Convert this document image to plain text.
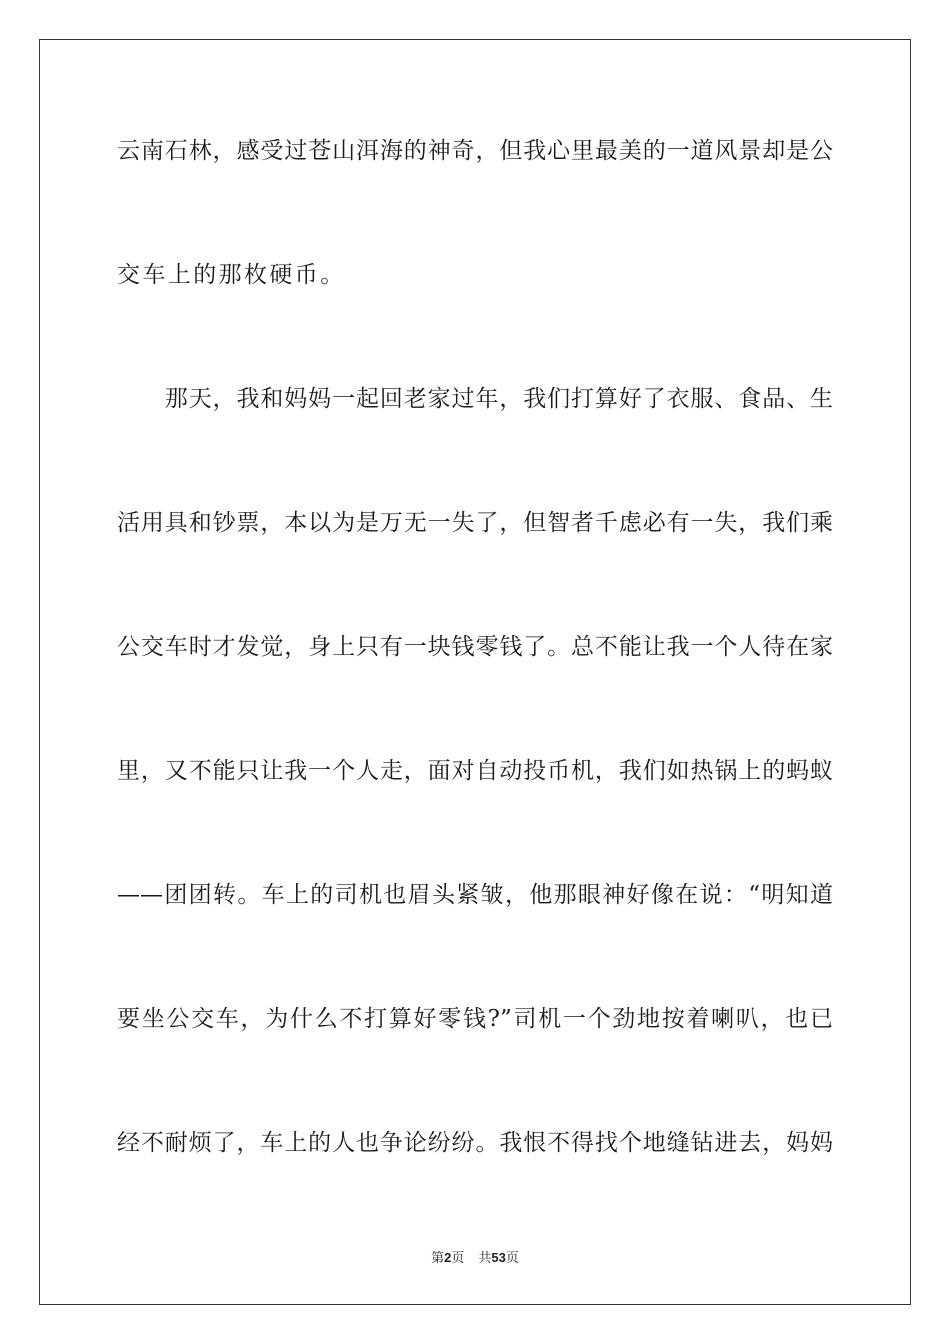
云南石林，感受过苍山洱海的神奇，但我心里最美的一道风景却是公
交车上的那枚硬币。
　　那天，我和妈妈一起回老家过年，我们打算好了衣服、食品、生
活用具和钞票，本以为是万无一失了，但智者千虑必有一失，我们乘
公交车时才发觉，身上只有一块钱零钱了。总不能让我一个人待在家
里，又不能只让我一个人走，面对自动投币机，我们如热锅上的蚂蚁
——团团转。车上的司机也眉头紧皱，他那眼神好像在说：“明知道
要坐公交车，为什么不打算好零钱?”司机一个劲地按着喇叭，也已
经不耐烦了，车上的人也争论纷纷。我恨不得找个地缝钻进去，妈妈
第2页 共53页
